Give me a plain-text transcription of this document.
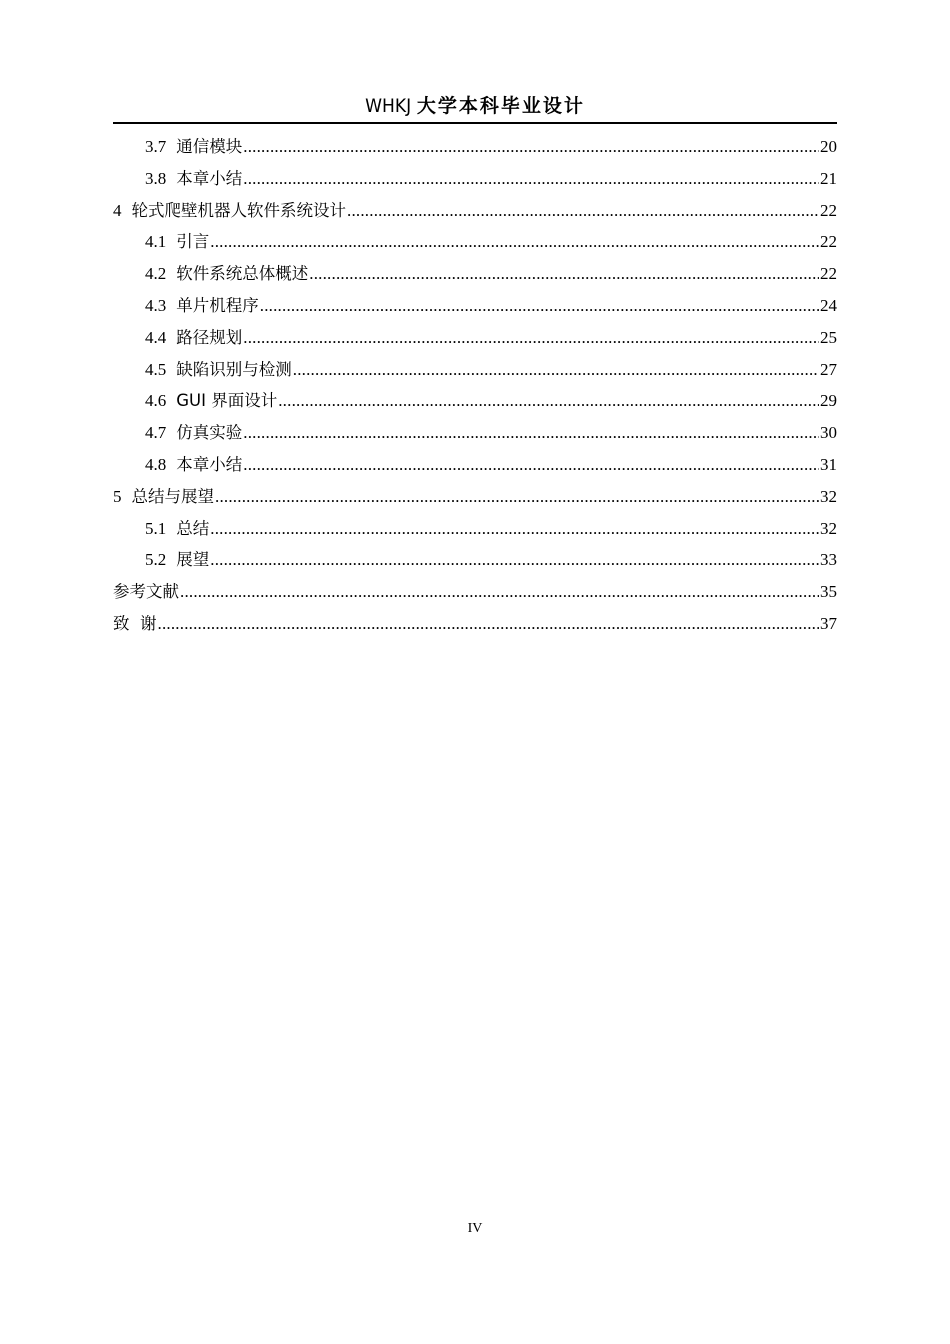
WHKJ 大学本科毕业设计
3.7 通信模块 .....	20
3.8 本章小结 .....	21
4 轮式爬壁机器人软件系统设计 .....	22
4.1 引言 .....	22
4.2 软件系统总体概述 .....	22
4.3 单片机程序 .....	24
4.4 路径规划 .....	25
4.5 缺陷识别与检测 .....	27
4.6 GUI 界面设计 .....	29
4.7 仿真实验 .....	30
4.8 本章小结 .....	31
5 总结与展望 .....	32
5.1 总结 .....	32
5.2 展望 .....	33
参考文献 .....	35
致  谢 .....	37
IV
